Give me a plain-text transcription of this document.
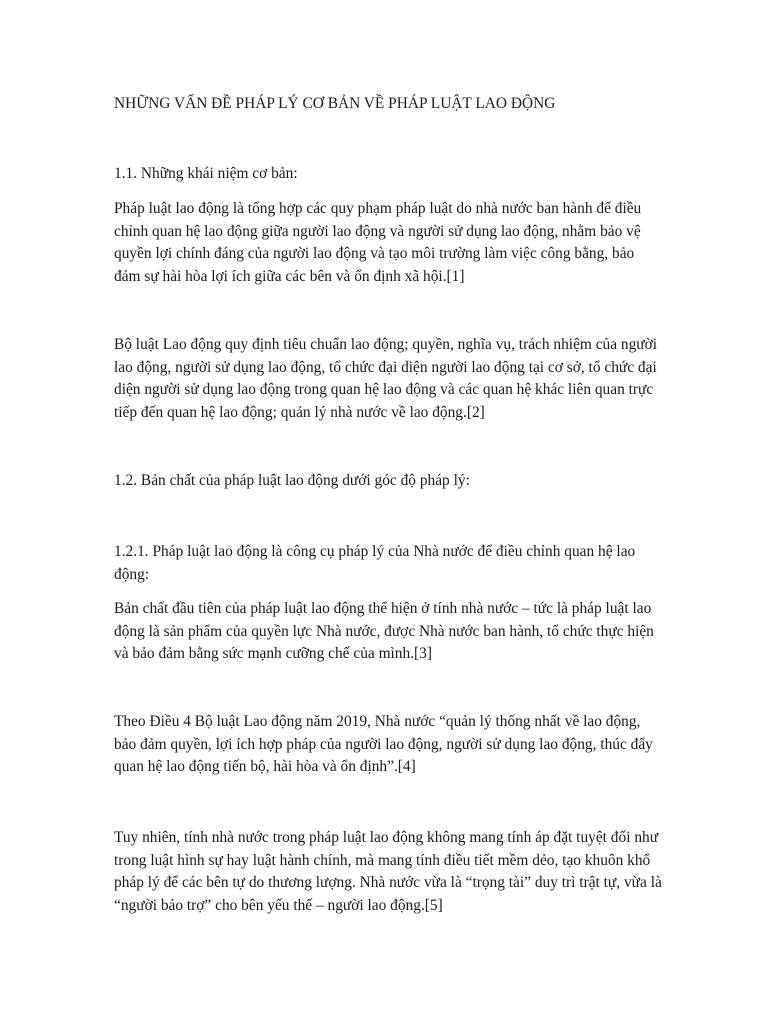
NHỮNG VẤN ĐỀ PHÁP LÝ CƠ BẢN VỀ PHÁP LUẬT LAO ĐỘNG

1.1. Những khái niệm cơ bản:

Pháp luật lao động là tổng hợp các quy phạm pháp luật do nhà nước ban hành để điều chỉnh quan hệ lao động giữa người lao động và người sử dụng lao động, nhằm bảo vệ quyền lợi chính đáng của người lao động và tạo môi trường làm việc công bằng, bảo đảm sự hài hòa lợi ích giữa các bên và ổn định xã hội.[1]

Bộ luật Lao động quy định tiêu chuẩn lao động; quyền, nghĩa vụ, trách nhiệm của người lao động, người sử dụng lao động, tổ chức đại diện người lao động tại cơ sở, tổ chức đại diện người sử dụng lao động trong quan hệ lao động và các quan hệ khác liên quan trực tiếp đến quan hệ lao động; quản lý nhà nước về lao động.[2]

1.2. Bản chất của pháp luật lao động dưới góc độ pháp lý:

1.2.1. Pháp luật lao động là công cụ pháp lý của Nhà nước để điều chỉnh quan hệ lao động:

Bản chất đầu tiên của pháp luật lao động thể hiện ở tính nhà nước – tức là pháp luật lao động là sản phẩm của quyền lực Nhà nước, được Nhà nước ban hành, tổ chức thực hiện và bảo đảm bằng sức mạnh cưỡng chế của mình.[3]

Theo Điều 4 Bộ luật Lao động năm 2019, Nhà nước “quản lý thống nhất về lao động, bảo đảm quyền, lợi ích hợp pháp của người lao động, người sử dụng lao động, thúc đẩy quan hệ lao động tiến bộ, hài hòa và ổn định”.[4]

Tuy nhiên, tính nhà nước trong pháp luật lao động không mang tính áp đặt tuyệt đối như trong luật hình sự hay luật hành chính, mà mang tính điều tiết mềm dẻo, tạo khuôn khổ pháp lý để các bên tự do thương lượng. Nhà nước vừa là “trọng tài” duy trì trật tự, vừa là “người bảo trợ” cho bên yếu thế – người lao động.[5]
